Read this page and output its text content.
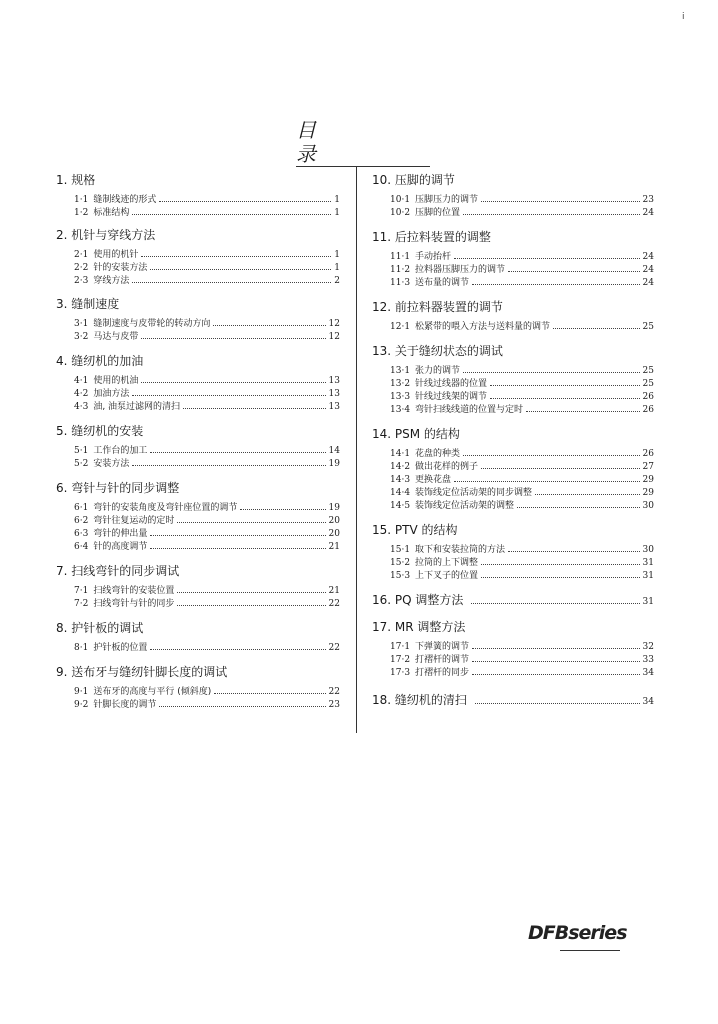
i
目 录
1. 规格
1·1 缝制线迹的形式	1
1·2 标准结构	1
2. 机针与穿线方法
2·1 使用的机针	1
2·2 针的安装方法	1
2·3 穿线方法	2
3. 缝制速度
3·1 缝制速度与皮带轮的转动方向	12
3·2 马达与皮带	12
4. 缝纫机的加油
4·1 使用的机油	13
4·2 加油方法	13
4·3 油, 油泵过滤网的清扫	13
5. 缝纫机的安装
5·1 工作台的加工	14
5·2 安装方法	19
6. 弯针与针的同步调整
6·1 弯针的安装角度及弯针座位置的调节	19
6·2 弯针往复运动的定时	20
6·3 弯针的伸出量	20
6·4 针的高度调节	21
7. 扫线弯针的同步调试
7·1 扫线弯针的安装位置	21
7·2 扫线弯针与针的同步	22
8. 护针板的调试
8·1 护针板的位置	22
9. 送布牙与缝纫针脚长度的调试
9·1 送布牙的高度与平行 (倾斜度)	22
9·2 针脚长度的调节	23
10. 压脚的调节
10·1 压脚压力的调节	23
10·2 压脚的位置	24
11. 后拉料装置的调整
11·1 手动抬杆	24
11·2 拉料器压脚压力的调节	24
11·3 送布量的调节	24
12. 前拉料器装置的调节
12·1 松紧带的喂入方法与送料量的调节	25
13. 关于缝纫状态的调试
13·1 张力的调节	25
13·2 针线过线器的位置	25
13·3 针线过线架的调节	26
13·4 弯针扫线线道的位置与定时	26
14. PSM 的结构
14·1 花盘的种类	26
14·2 做出花样的例子	27
14·3 更换花盘	29
14·4 装饰线定位活动架的同步调整	29
14·5 装饰线定位活动架的调整	30
15. PTV 的结构
15·1 取下和安装拉筒的方法	30
15·2 拉筒的上下调整	31
15·3 上下叉子的位置	31
16. PQ 调整方法	31
17. MR 调整方法
17·1 下弹簧的调节	32
17·2 打褶杆的调节	33
17·3 打褶杆的同步	34
18. 缝纫机的清扫	34
DFBseries
